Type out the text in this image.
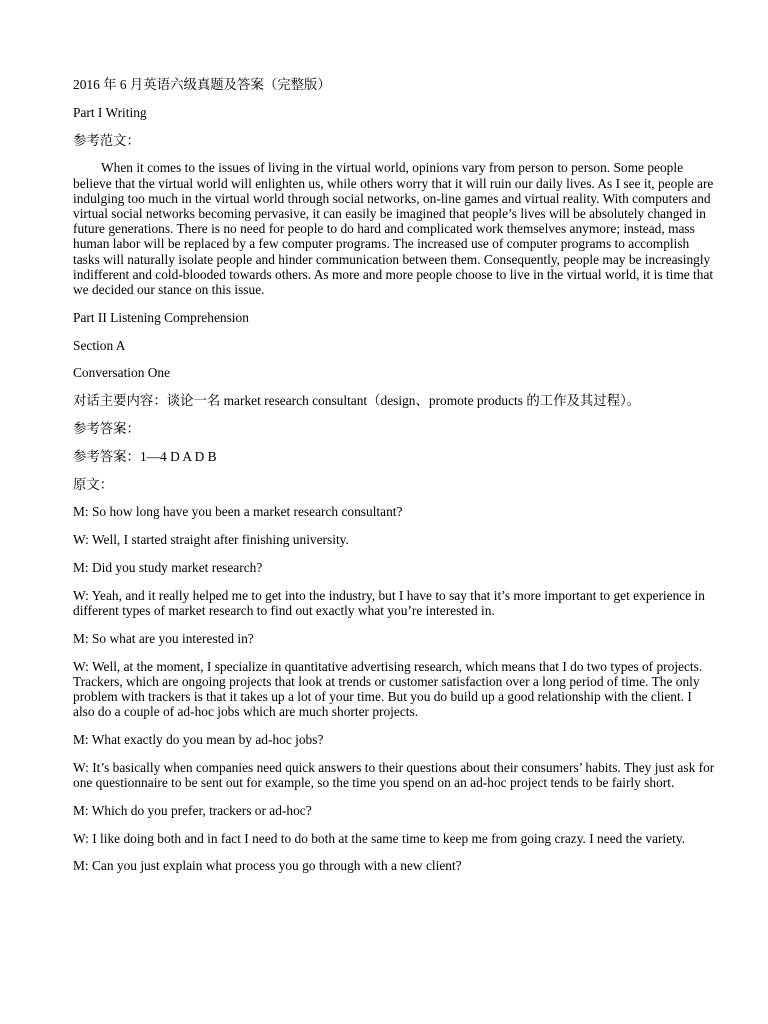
2016 年 6 月英语六级真题及答案（完整版）

Part I Writing

参考范文：

When it comes to the issues of living in the virtual world, opinions vary from person to person. Some people believe that the virtual world will enlighten us, while others worry that it will ruin our daily lives. As I see it, people are indulging too much in the virtual world through social networks, on-line games and virtual reality. With computers and virtual social networks becoming pervasive, it can easily be imagined that people’s lives will be absolutely changed in future generations. There is no need for people to do hard and complicated work themselves anymore; instead, mass human labor will be replaced by a few computer programs. The increased use of computer programs to accomplish tasks will naturally isolate people and hinder communication between them. Consequently, people may be increasingly indifferent and cold-blooded towards others. As more and more people choose to live in the virtual world, it is time that we decided our stance on this issue.

Part II Listening Comprehension

Section A

Conversation One

对话主要内容：谈论一名 market research consultant（design、promote products 的工作及其过程）。

参考答案：

参考答案：1—4 D A D B

原文：

M: So how long have you been a market research consultant?

W: Well, I started straight after finishing university.

M: Did you study market research?

W: Yeah, and it really helped me to get into the industry, but I have to say that it’s more important to get experience in different types of market research to find out exactly what you’re interested in.

M: So what are you interested in?

W: Well, at the moment, I specialize in quantitative advertising research, which means that I do two types of projects. Trackers, which are ongoing projects that look at trends or customer satisfaction over a long period of time. The only problem with trackers is that it takes up a lot of your time. But you do build up a good relationship with the client. I also do a couple of ad-hoc jobs which are much shorter projects.

M: What exactly do you mean by ad-hoc jobs?

W: It’s basically when companies need quick answers to their questions about their consumers’ habits. They just ask for one questionnaire to be sent out for example, so the time you spend on an ad-hoc project tends to be fairly short.

M: Which do you prefer, trackers or ad-hoc?

W: I like doing both and in fact I need to do both at the same time to keep me from going crazy. I need the variety.

M: Can you just explain what process you go through with a new client?
